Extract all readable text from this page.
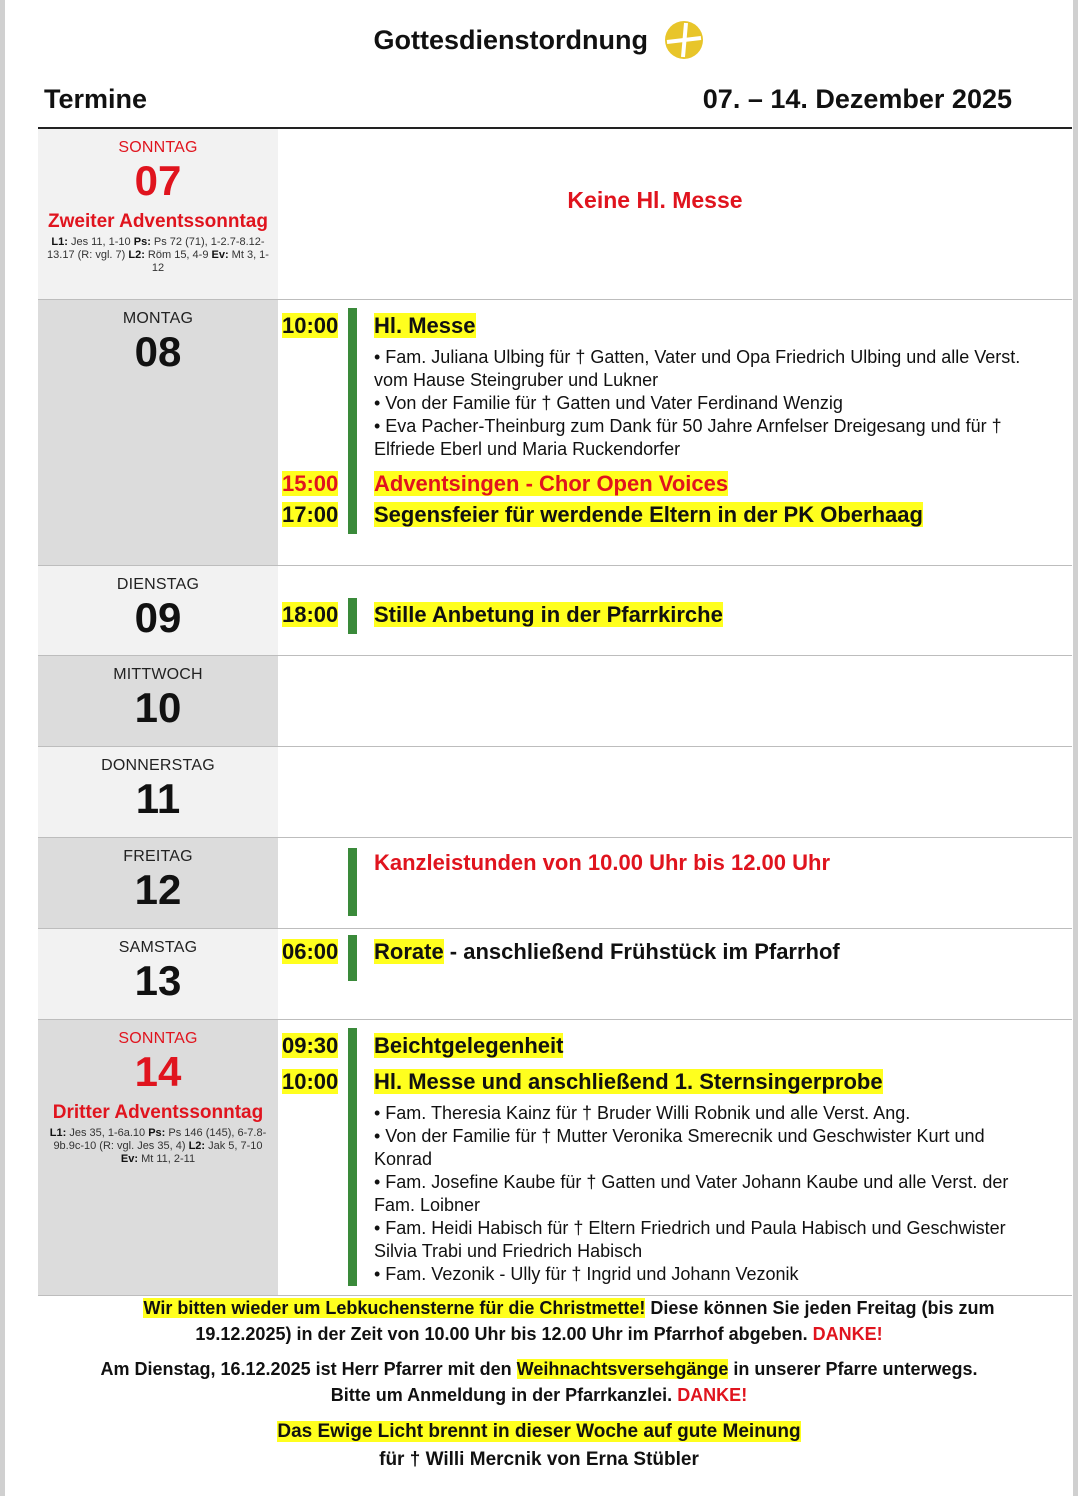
Gottesdienstordnung
Termine	07. – 14. Dezember 2025
SONNTAG
07
Zweiter Adventssonntag
L1: Jes 11, 1-10 Ps: Ps 72 (71), 1-2.7-8.12-13.17 (R: vgl. 7) L2: Röm 15, 4-9 Ev: Mt 3, 1-12
Keine Hl. Messe
MONTAG
08
10:00 Hl. Messe
• Fam. Juliana Ulbing für † Gatten, Vater und Opa Friedrich Ulbing und alle Verst. vom Hause Steingruber und Lukner
• Von der Familie für † Gatten und Vater Ferdinand Wenzig
• Eva Pacher-Theinburg zum Dank für 50 Jahre Arnfelser Dreigesang und für † Elfriede Eberl und Maria Ruckendorfer
15:00 Adventsingen - Chor Open Voices
17:00 Segensfeier für werdende Eltern in der PK Oberhaag
DIENSTAG
09	18:00 Stille Anbetung in der Pfarrkirche
MITTWOCH
10
DONNERSTAG
11
FREITAG
12
Kanzleistunden von 10.00 Uhr bis 12.00 Uhr
SAMSTAG
13
06:00 Rorate - anschließend Frühstück im Pfarrhof
SONNTAG
14
Dritter Adventssonntag
L1: Jes 35, 1-6a.10 Ps: Ps 146 (145), 6-7.8-9b.9c-10 (R: vgl. Jes 35, 4) L2: Jak 5, 7-10 Ev: Mt 11, 2-11
09:30 Beichtgelegenheit
10:00 Hl. Messe und anschließend 1. Sternsingerprobe
• Fam. Theresia Kainz für † Bruder Willi Robnik und alle Verst. Ang.
• Von der Familie für † Mutter Veronika Smerecnik und Geschwister Kurt und Konrad
• Fam. Josefine Kaube für † Gatten und Vater Johann Kaube und alle Verst. der Fam. Loibner
• Fam. Heidi Habisch für † Eltern Friedrich und Paula Habisch und Geschwister Silvia Trabi und Friedrich Habisch
• Fam. Vezonik - Ully für † Ingrid und Johann Vezonik
Wir bitten wieder um Lebkuchensterne für die Christmette! Diese können Sie jeden Freitag (bis zum
19.12.2025) in der Zeit von 10.00 Uhr bis 12.00 Uhr im Pfarrhof abgeben. DANKE!
Am Dienstag, 16.12.2025 ist Herr Pfarrer mit den Weihnachtsversehgänge in unserer Pfarre unterwegs.
Bitte um Anmeldung in der Pfarrkanzlei. DANKE!
Das Ewige Licht brennt in dieser Woche auf gute Meinung
für † Willi Mercnik von Erna Stübler
